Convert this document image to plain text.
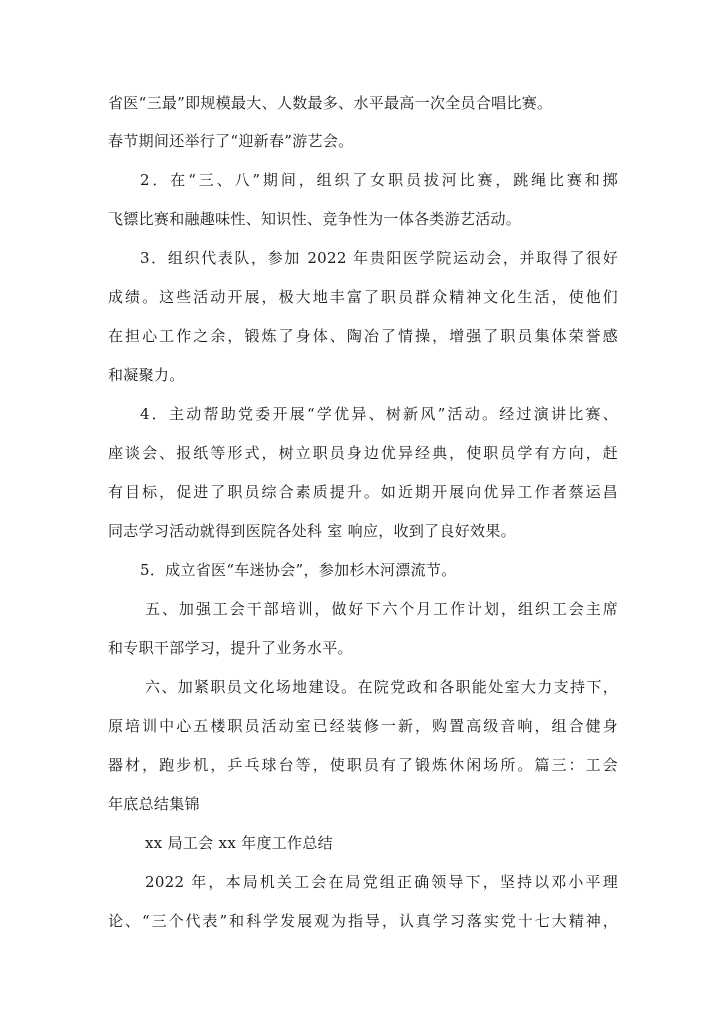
省医“三最”即规模最大、人数最多、水平最高一次全员合唱比赛。
春节期间还举行了“迎新春”游艺会。
2．在“三、八”期间，组织了女职员拔河比赛，跳绳比赛和掷
飞镖比赛和融趣味性、知识性、竞争性为一体各类游艺活动。
3．组织代表队，参加 2022 年贵阳医学院运动会，并取得了很好
成绩。这些活动开展，极大地丰富了职员群众精神文化生活，使他们
在担心工作之余，锻炼了身体、陶冶了情操，增强了职员集体荣誉感
和凝聚力。
4．主动帮助党委开展“学优异、树新风”活动。经过演讲比赛、
座谈会、报纸等形式，树立职员身边优异经典，使职员学有方向，赶
有目标，促进了职员综合素质提升。如近期开展向优异工作者蔡运昌
同志学习活动就得到医院各处科 室 响应，收到了良好效果。
5．成立省医“车迷协会”，参加杉木河漂流节。
五、加强工会干部培训，做好下六个月工作计划，组织工会主席
和专职干部学习，提升了业务水平。
六、加紧职员文化场地建设。在院党政和各职能处室大力支持下，
原培训中心五楼职员活动室已经装修一新，购置高级音响，组合健身
器材，跑步机，乒乓球台等，使职员有了锻炼休闲场所。篇三：工会
年底总结集锦
xx 局工会 xx 年度工作总结
2022 年，本局机关工会在局党组正确领导下，坚持以邓小平理
论、“三个代表”和科学发展观为指导，认真学习落实党十七大精神，
